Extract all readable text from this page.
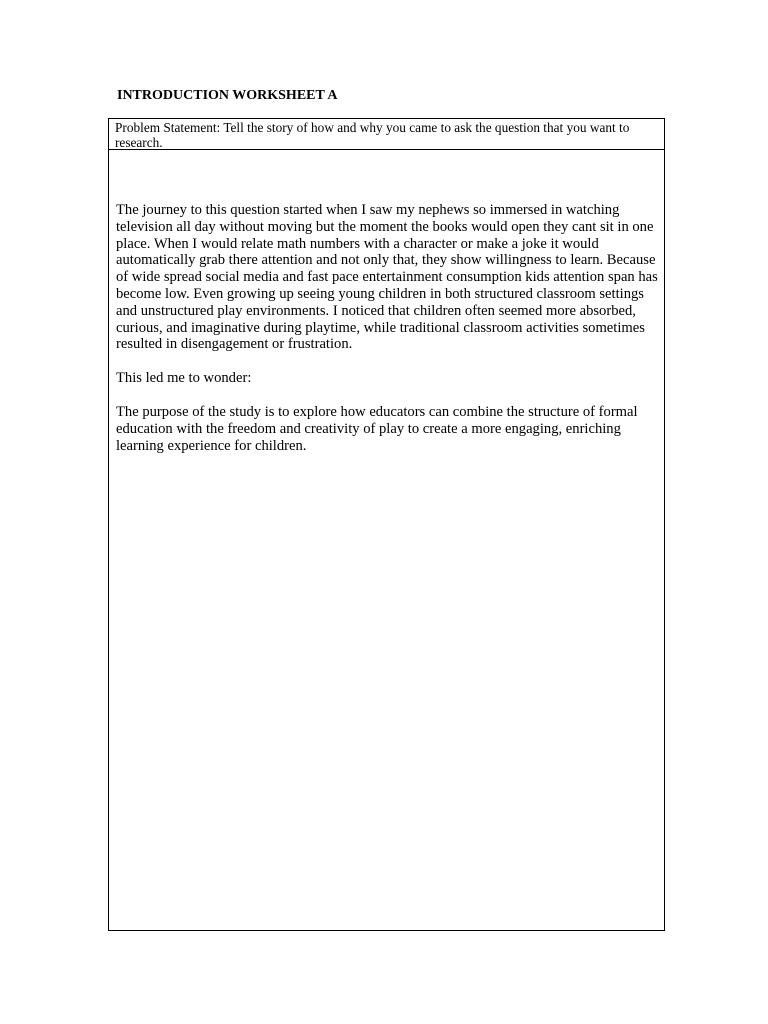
INTRODUCTION WORKSHEET A
Problem Statement: Tell the story of how and why you came to ask the question that you want to research.

The journey to this question started when I saw my nephews so immersed in watching television all day without moving but the moment the books would open they cant sit in one place. When I would relate math numbers with a character or make a joke it would automatically grab there attention and not only that, they show willingness to learn. Because of wide spread social media and fast pace entertainment consumption kids attention span has become low. Even growing up seeing young children in both structured classroom settings and unstructured play environments. I noticed that children often seemed more absorbed, curious, and imaginative during playtime, while traditional classroom activities sometimes resulted in disengagement or frustration.

This led me to wonder:

The purpose of the study is to explore how educators can combine the structure of formal education with the freedom and creativity of play to create a more engaging, enriching learning experience for children.
